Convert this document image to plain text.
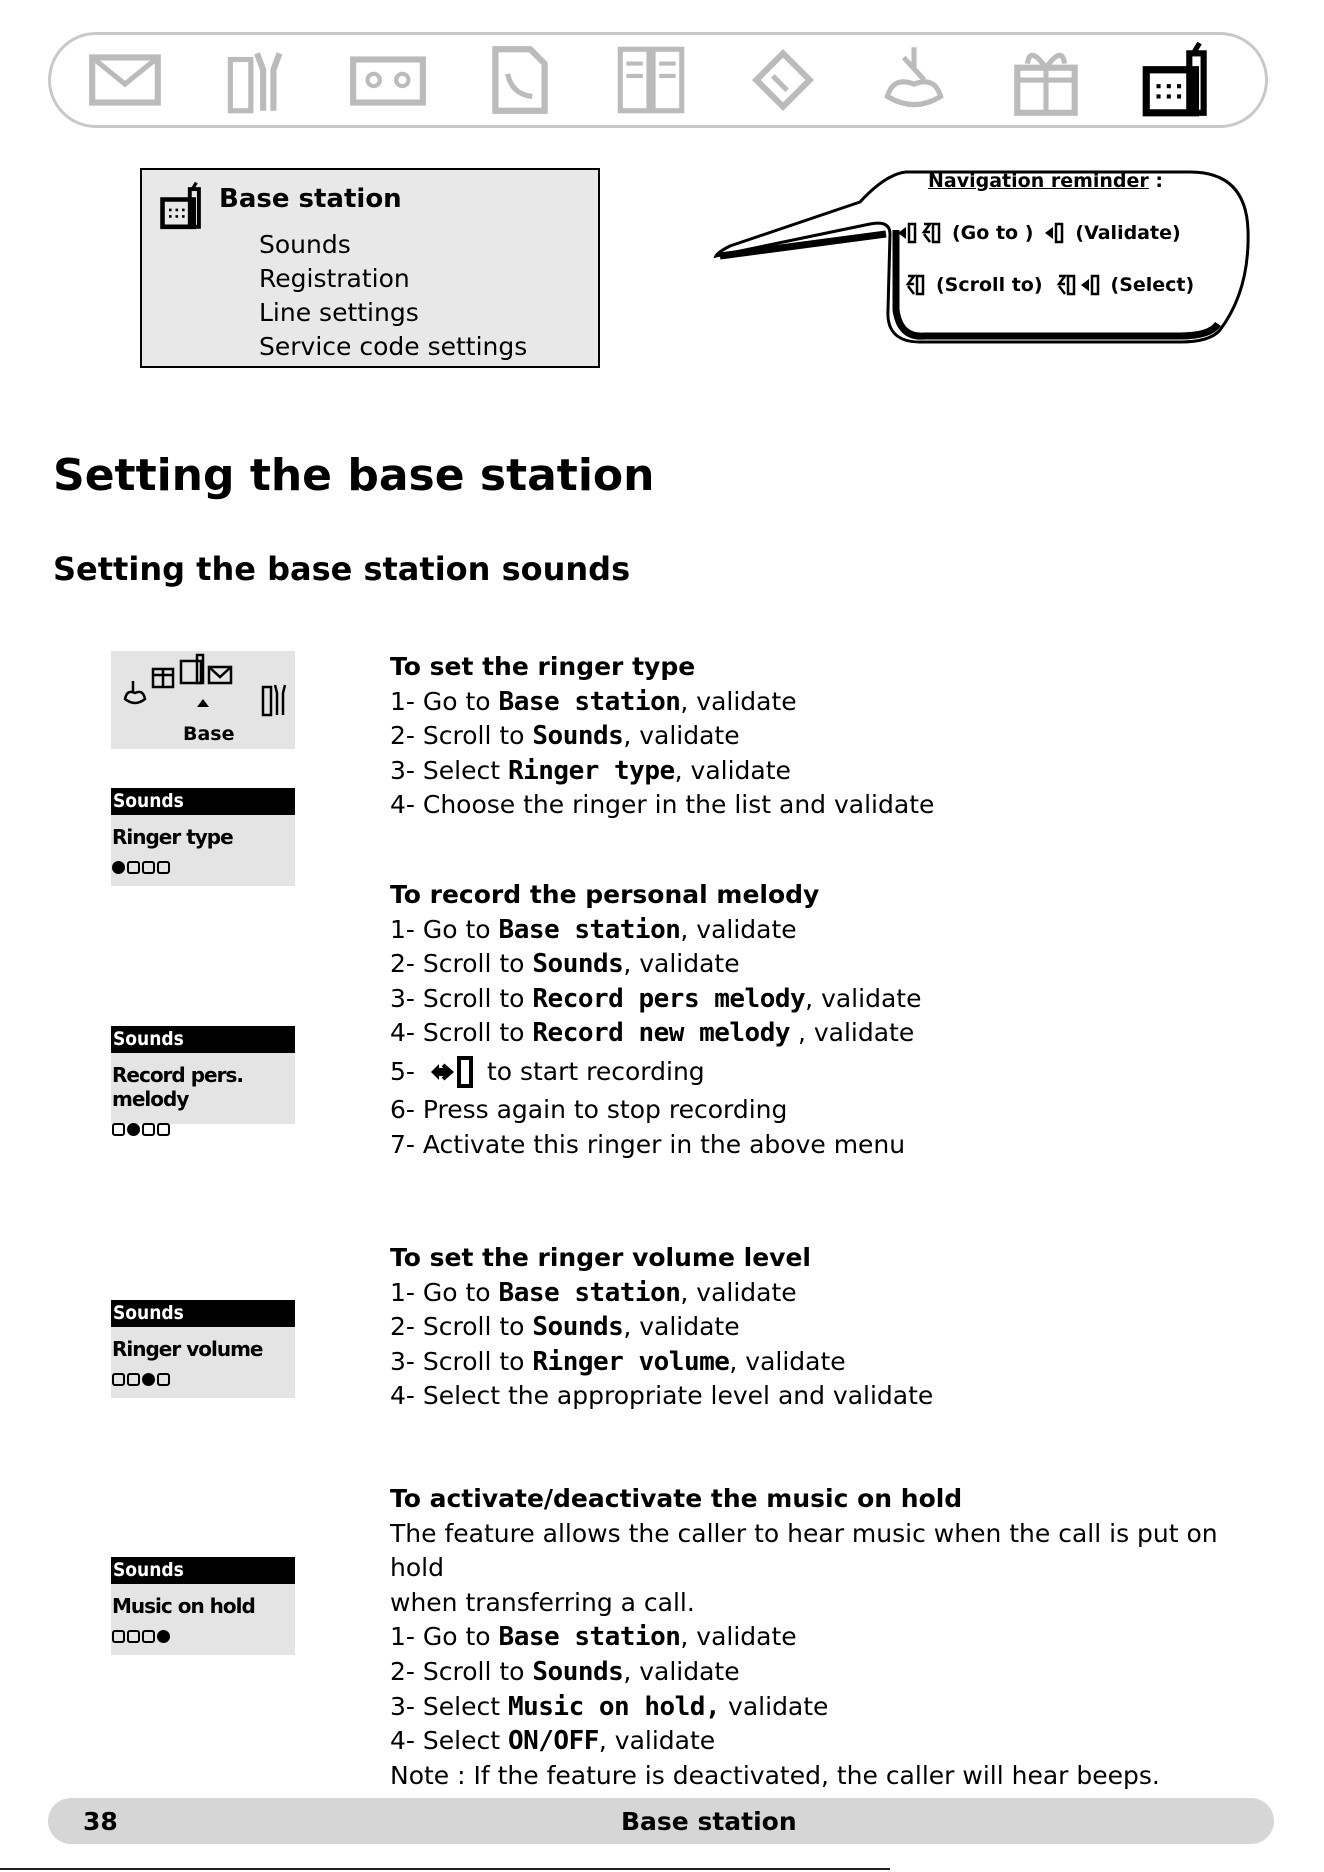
Base station
Sounds
Registration
Line settings
Service code settings
Navigation reminder :
(Go to ) (Validate)
(Scroll to)	(Select)
Setting the base station
Setting the base station sounds
Base
Sounds
Ringer type
Sounds
Record pers. melody
Sounds
Ringer volume
Sounds
Music on hold
To set the ringer type
1- Go to Base station, validate
2- Scroll to Sounds, validate
3- Select Ringer type, validate
4- Choose the ringer in the list and validate
To record the personal melody
1- Go to Base station, validate
2- Scroll to Sounds, validate
3- Scroll to Record pers melody, validate
4- Scroll to Record new melody , validate
5-	to start recording
6- Press again to stop recording
7- Activate this ringer in the above menu
To set the ringer volume level
1- Go to Base station, validate
2- Scroll to Sounds, validate
3- Scroll to Ringer volume, validate
4- Select the appropriate level and validate
To activate/deactivate the music on hold
The feature allows the caller to hear music when the call is put on hold
when transferring a call.
1- Go to Base station, validate
2- Scroll to Sounds, validate
3- Select Music on hold, validate
4- Select ON/OFF, validate
Note : If the feature is deactivated, the caller will hear beeps.
38	Base station
